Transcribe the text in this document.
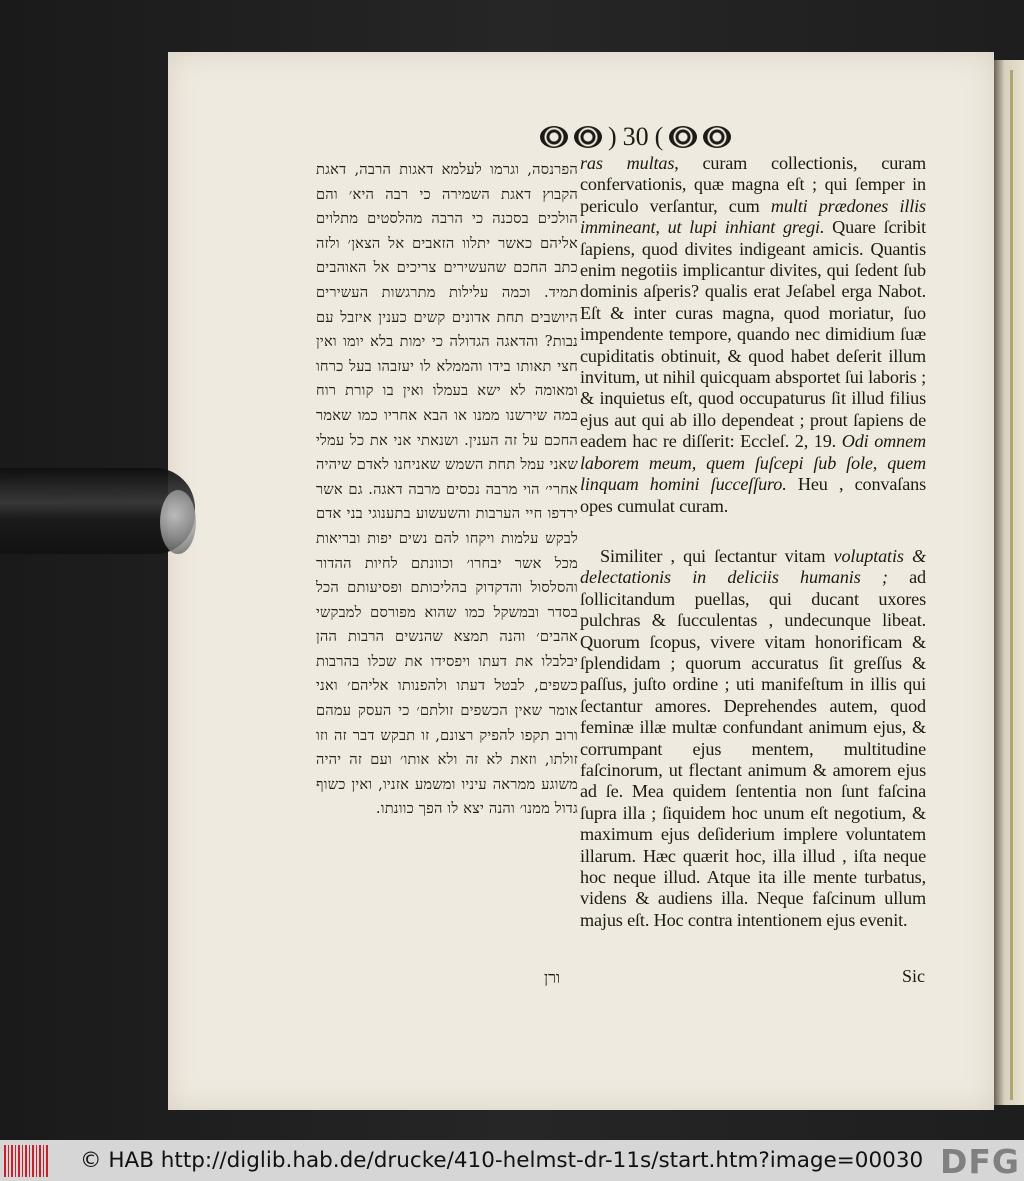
) 30 (
הפרנסה, וגרמו לעלמא דאגות הרבה, דאגת הקבוץ דאגת השמירה כי רבה היא׳ והם הולכים בסכנה כי הרבה מהלסטים מתלוים אליהם כאשר יתלוו הזאבים אל הצאן׳ ולזה כתב החכם שהעשירים צריכים אל האוהבים תמיד. וכמה עלילות מתרגשות העשירים היושבים תחת אדונים קשים כענין איזבל עם נבות? והדאגה הגדולה כי ימות בלא יומו ואין חצי תאותו בידו והממלא לו יעזבהו בעל כרחו ומאומה לא ישא בעמלו ואין בו קורת רוח במה שירשנו ממנו או הבא אחריו כמו שאמר החכם על זה הענין. ושנאתי אני את כל עמלי שאני עמל תחת השמש שאניחנו לאדם שיהיה אחרי׳ הוי מרבה נכסים מרבה דאגה. גם אשר ירדפו חיי הערבות והשעשוע בתענוגי בני אדם לבקש עלמות ויקחו להם נשים יפות ובריאות מכל אשר יבחרו׳ וכוונתם לחיות ההדור והסלסול והדקדוק בהליכותם ופסיעותם הכל בסדר ובמשקל כמו שהוא מפורסם למבקשי אהבים׳ והנה תמצא שהנשים הרבות ההן יבלבלו את דעתו ויפסידו את שכלו בהרבות כשפים, לבטל דעתו ולהפנותו אליהם׳ ואני אומר שאין הכשפים זולתם׳ כי העסק עמהם ורוב תקפו להפיק רצונם, זו תבקש דבר זה וזו זולתו, וזאת לא זה ולא אותו׳ ועם זה יהיה משוגע ממראה עיניו ומשמע אזניו, ואין כשוף גדול ממנו׳ והנה יצא לו הפך כוונתו.

ras multas, curam collectionis, curam confervationis, quæ magna eſt ; qui ſemper in periculo verſantur, cum multi prædones illis immineant, ut lupi inhiant gregi. Quare ſcribit ſapiens, quod divites indigeant amicis. Quantis enim negotiis implicantur divites, qui ſedent ſub dominis aſperis? qualis erat Jeſabel erga Nabot. Eſt & inter curas magna, quod moriatur, ſuo impendente tempore, quando nec dimidium ſuæ cupiditatis obtinuit, & quod habet deſerit illum invitum, ut nihil quicquam absportet ſui laboris ; & inquietus eſt, quod occupaturus ſit illud filius ejus aut qui ab illo dependeat ; prout ſapiens de eadem hac re diſſerit: Eccleſ. 2, 19. Odi omnem laborem meum, quem ſuſcepi ſub ſole, quem linquam homini ſucceſſuro. Heu , convaſans opes cumulat curam.

Similiter , qui ſectantur vitam voluptatis & delectationis in deliciis humanis ; ad ſollicitandum puellas, qui ducant uxores pulchras & ſucculentas , undecunque libeat. Quorum ſcopus, vivere vitam honorificam & ſplendidam ; quorum accuratus ſit greſſus & paſſus, juſto ordine ; uti manifeſtum in illis qui ſectantur amores. Deprehendes autem, quod feminæ illæ multæ confundant animum ejus, & corrumpant ejus mentem, multitudine faſcinorum, ut flectant animum & amorem ejus ad ſe. Mea quidem ſententia non ſunt faſcina ſupra illa ; ſiquidem hoc unum eſt negotium, & maximum ejus deſiderium implere voluntatem illarum. Hæc quærit hoc, illa illud , iſta neque hoc neque illud. Atque ita ille mente turbatus, videns & audiens illa. Neque faſcinum ullum majus eſt. Hoc contra intentionem ejus evenit.

ורן	Sic
© HAB http://diglib.hab.de/drucke/410-helmst-dr-11s/start.htm?image=00030 DFG
